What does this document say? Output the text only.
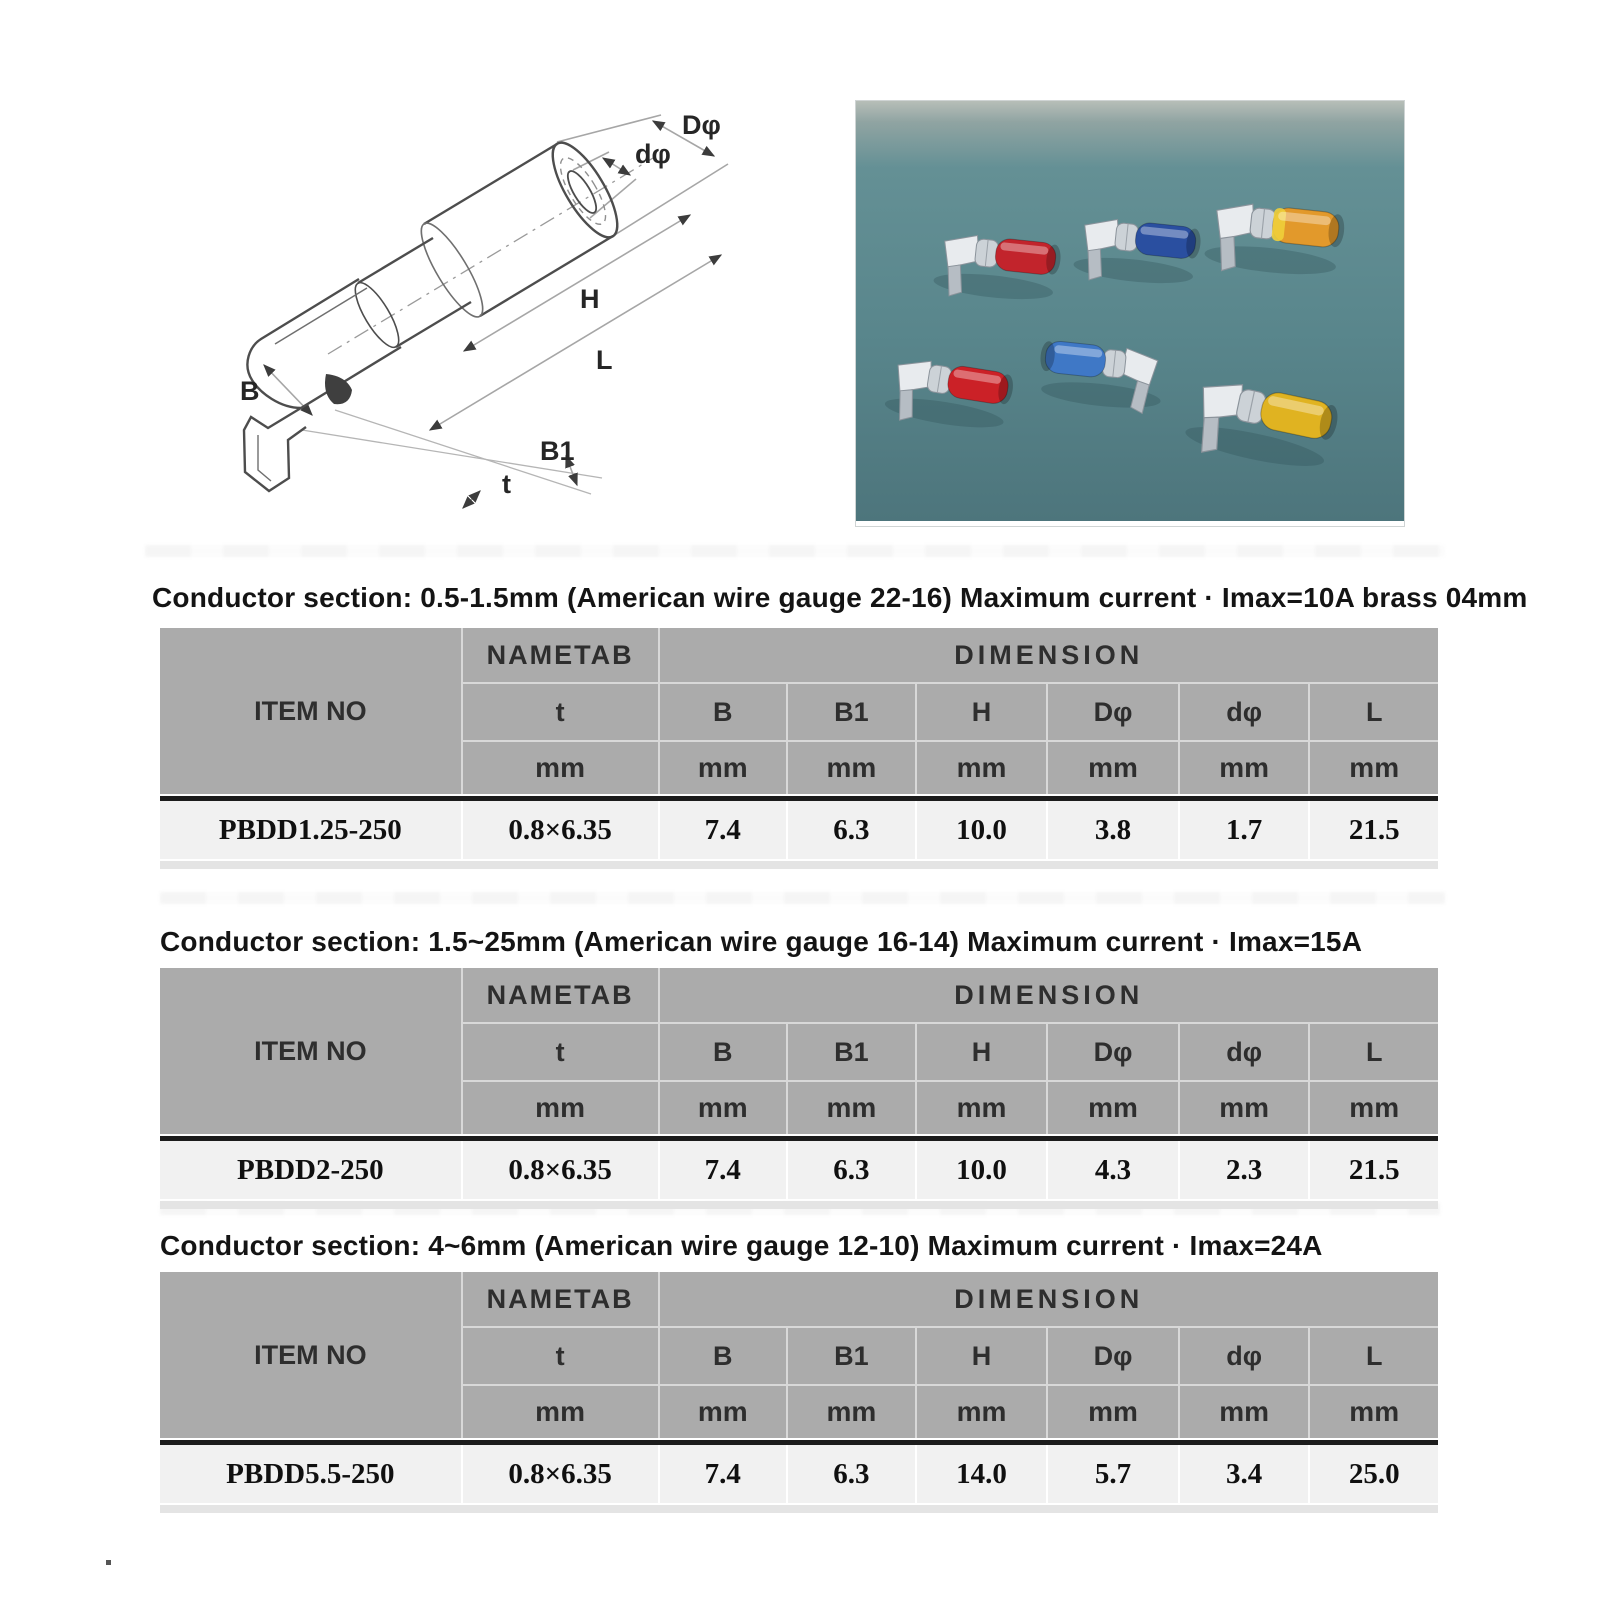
Dφ
dφ
H
L
B
B1
t
Conductor section: 0.5-1.5mm (American wire gauge 22-16) Maximum current · Imax=10A brass 04mm
ITEM NO
NAMETAB	DIMENSION
t	B	B1	H	Dφ	dφ	L
mm	mm	mm	mm	mm	mm	mm
PBDD1.25-250	0.8×6.35	7.4	6.3	10.0	3.8	1.7	21.5
Conductor section: 1.5~25mm (American wire gauge 16-14) Maximum current · Imax=15A
ITEM NO
NAMETAB	DIMENSION
t	B	B1	H	Dφ	dφ	L
mm	mm	mm	mm	mm	mm	mm
PBDD2-250	0.8×6.35	7.4	6.3	10.0	4.3	2.3	21.5
Conductor section: 4~6mm (American wire gauge 12-10) Maximum current · Imax=24A
ITEM NO
NAMETAB	DIMENSION
t	B	B1	H	Dφ	dφ	L
mm	mm	mm	mm	mm	mm	mm
PBDD5.5-250	0.8×6.35	7.4	6.3	14.0	5.7	3.4	25.0
